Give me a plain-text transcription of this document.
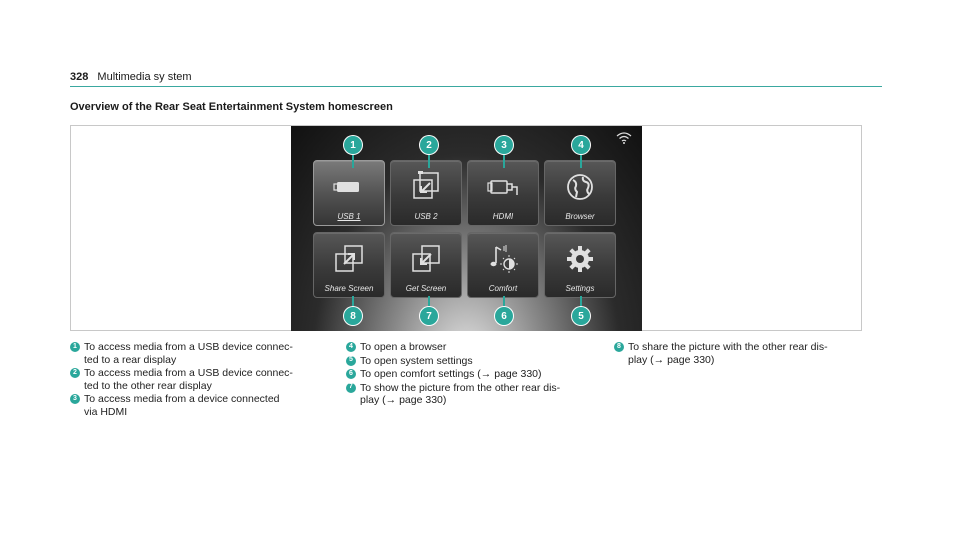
328 Multimedia sy stem
Overview of the Rear Seat Entertainment System homescreen
USB 1	USB 2	HDMI	Browser
Share Screen	Get Screen	Comfort	Settings
1	2	3	4
5
6
7
8
1 To access media from a USB device connec-
ted to a rear display
2 To access media from a USB device connec-
ted to the other rear display
3 To access media from a device connected
via HDMI
4 To open a browser
5 To open system settings
6 To open comfort settings (→ page 330)
7 To show the picture from the other rear dis-
play (→ page 330)
8 To share the picture with the other rear dis-
play (→ page 330)
